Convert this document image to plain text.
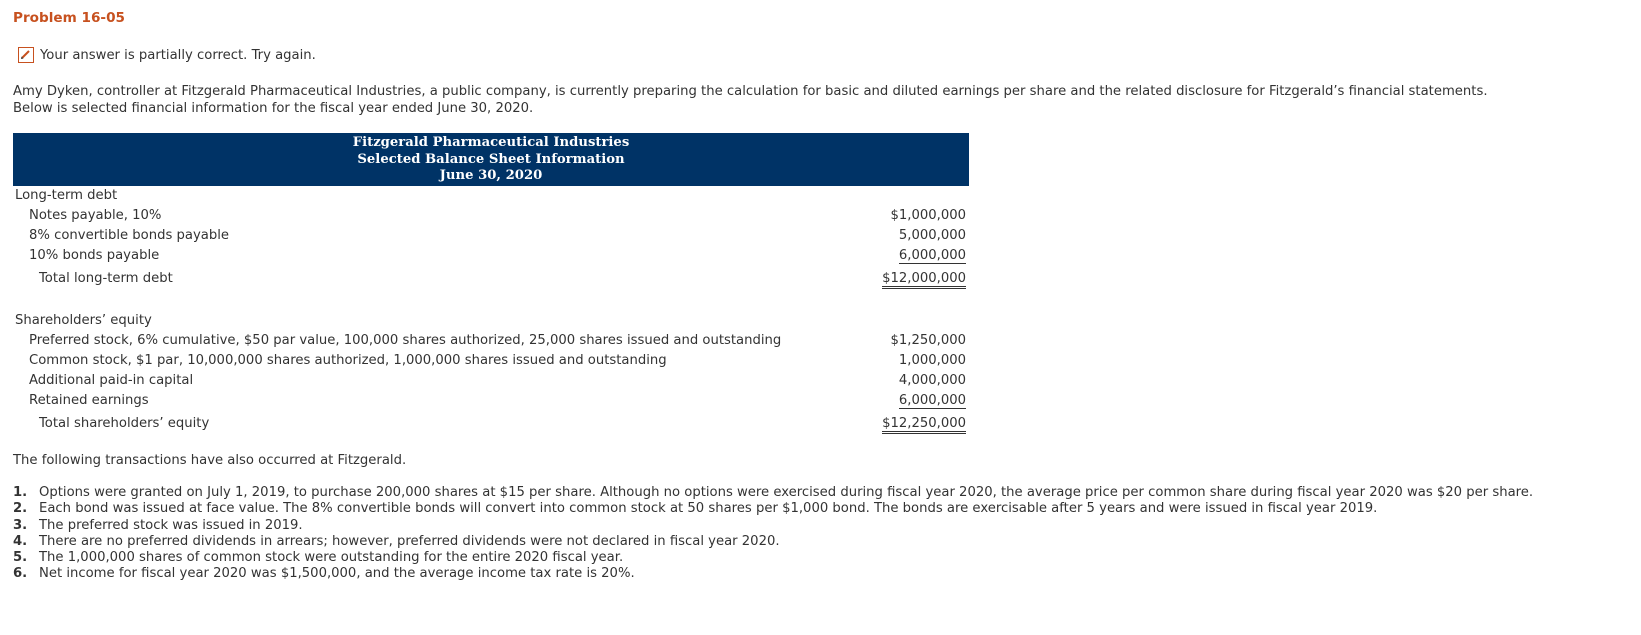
Problem 16-05
Your answer is partially correct. Try again.
Amy Dyken, controller at Fitzgerald Pharmaceutical Industries, a public company, is currently preparing the calculation for basic and diluted earnings per share and the related disclosure for Fitzgerald’s financial statements.
Below is selected financial information for the fiscal year ended June 30, 2020.
Fitzgerald Pharmaceutical Industries
Selected Balance Sheet Information
June 30, 2020
Long-term debt
Notes payable, 10%	$1,000,000
8% convertible bonds payable	5,000,000
10% bonds payable	6,000,000
Total long-term debt	$12,000,000
Shareholders’ equity
Preferred stock, 6% cumulative, $50 par value, 100,000 shares authorized, 25,000 shares issued and outstanding	$1,250,000
Common stock, $1 par, 10,000,000 shares authorized, 1,000,000 shares issued and outstanding	1,000,000
Additional paid-in capital	4,000,000
Retained earnings	6,000,000
Total shareholders’ equity	$12,250,000
The following transactions have also occurred at Fitzgerald.
1. Options were granted on July 1, 2019, to purchase 200,000 shares at $15 per share. Although no options were exercised during fiscal year 2020, the average price per common share during fiscal year 2020 was $20 per share.
2. Each bond was issued at face value. The 8% convertible bonds will convert into common stock at 50 shares per $1,000 bond. The bonds are exercisable after 5 years and were issued in fiscal year 2019.
3. The preferred stock was issued in 2019.
4. There are no preferred dividends in arrears; however, preferred dividends were not declared in fiscal year 2020.
5. The 1,000,000 shares of common stock were outstanding for the entire 2020 fiscal year.
6. Net income for fiscal year 2020 was $1,500,000, and the average income tax rate is 20%.
